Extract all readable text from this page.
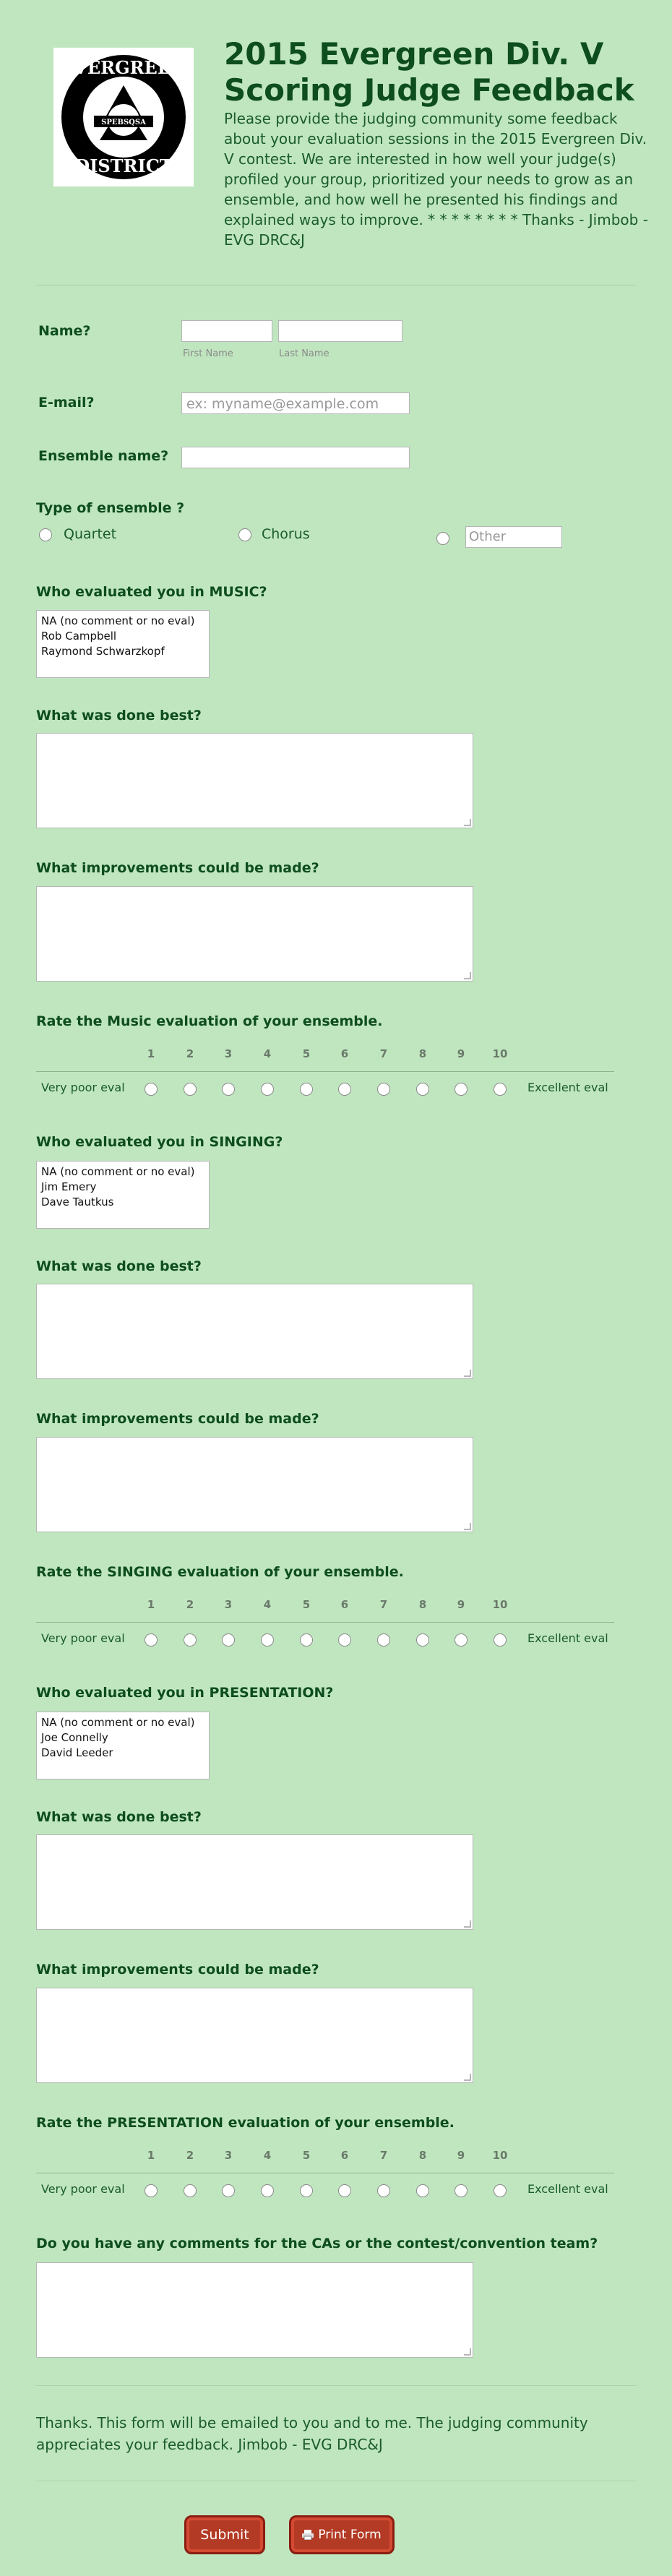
SPEBSQSA
EVERGREEN
DISTRICT
2015 Evergreen Div. V
Scoring Judge Feedback
Please provide the judging community some feedback about your evaluation sessions in the 2015 Evergreen Div. V contest. We are interested in how well your judge(s) profiled your group, prioritized your needs to grow as an ensemble, and how well he presented his findings and explained ways to improve. * * * * * * * * Thanks - Jimbob - EVG DRC&J
Name?
First Name	Last Name
E-mail?	ex: myname@example.com
Ensemble name?
Type of ensemble ?
Quartet	Chorus	Other
Who evaluated you in MUSIC?
NA (no comment or no eval)
Rob Campbell
Raymond Schwarzkopf
What was done best?
What improvements could be made?
Rate the Music evaluation of your ensemble.
1	2	3	4	5	6	7	8	9	10
Very poor eval	Excellent eval
Who evaluated you in SINGING?
NA (no comment or no eval)
Jim Emery
Dave Tautkus
What was done best?
What improvements could be made?
Rate the SINGING evaluation of your ensemble.
1	2	3	4	5	6	7	8	9	10
Very poor eval	Excellent eval
Who evaluated you in PRESENTATION?
NA (no comment or no eval)
Joe Connelly
David Leeder
What was done best?
What improvements could be made?
Rate the PRESENTATION evaluation of your ensemble.
1	2	3	4	5	6	7	8	9	10
Very poor eval	Excellent eval
Do you have any comments for the CAs or the contest/convention team?
Thanks. This form will be emailed to you and to me. The judging community appreciates your feedback. Jimbob - EVG DRC&J
Submit	Print Form
